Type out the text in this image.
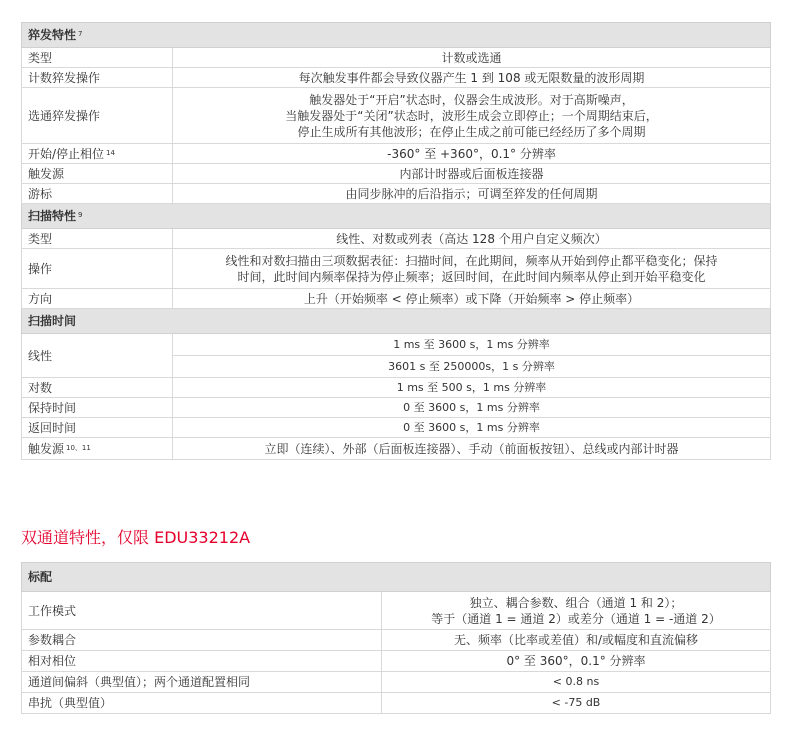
猝发特性 $^7$
类型	计数或选通
计数猝发操作	每次触发事件都会导致仪器产生 1 到 108 或无限数量的波形周期
选通猝发操作	触发器处于“开启”状态时，仪器会生成波形。对于高斯噪声，
当触发器处于“关闭”状态时，波形生成会立即停止；一个周期结束后，
停止生成所有其他波形；在停止生成之前可能已经经历了多个周期

开始/停止相位 $^{14}$	-360° 至 +360°，0.1° 分辨率
触发源	内部计时器或后面板连接器
游标	由同步脉冲的后沿指示；可调至猝发的任何周期
扫描特性 $^9$
类型	线性、对数或列表（高达 128 个用户自定义频次）
操作	线性和对数扫描由三项数据表征：扫描时间，在此期间，频率从开始到停止都平稳变化；保持
时间，此时间内频率保持为停止频率；返回时间，在此时间内频率从停止到开始平稳变化

方向	上升（开始频率 < 停止频率）或下降（开始频率 > 停止频率）
扫描时间	
线性	1 ms 至 3600 s，1 ms 分辨率
	3601 s 至 250000s，1 s 分辨率
对数	1 ms 至 500 s，1 ms 分辨率
保持时间	0 至 3600 s，1 ms 分辨率
返回时间	0 至 3600 s，1 ms 分辨率
触发源 $^{10、11}$	立即（连续）、外部（后面板连接器）、手动（前面板按钮）、总线或内部计时器
双通道特性，仅限 EDU33212A
标配	
工作模式	独立、耦合参数、组合（通道 1 和 2）；
等于（通道 1 = 通道 2）或差分（通道 1 = -通道 2）

参数耦合	无、频率（比率或差值）和/或幅度和直流偏移
相对相位	0° 至 360°，0.1° 分辨率
通道间偏斜（典型值）；两个通道配置相同	< 0.8 ns
串扰（典型值）	< -75 dB
